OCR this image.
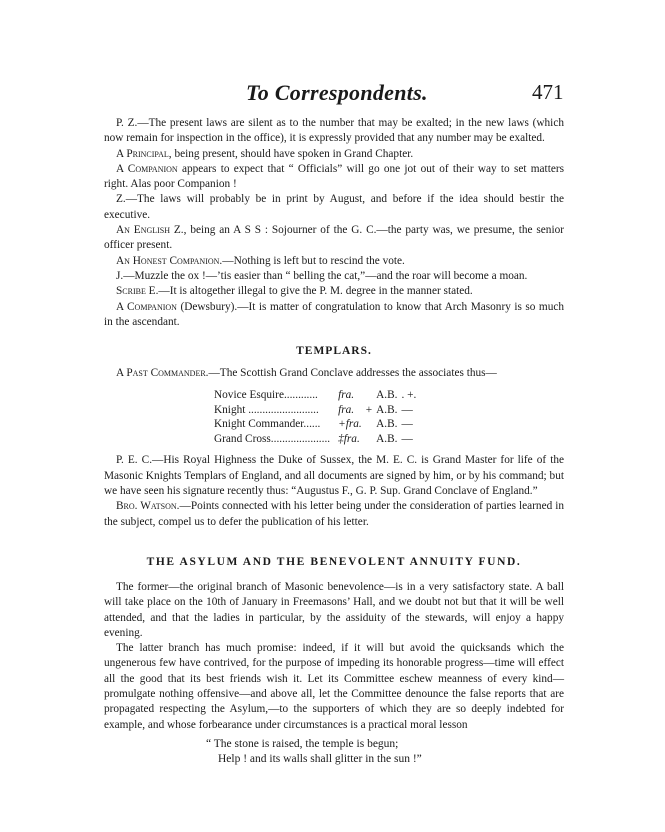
To Correspondents.	471

P. Z.—The present laws are silent as to the number that may be exalted; in the new laws (which now remain for inspection in the office), it is expressly provided that any number may be exalted.

A Principal, being present, should have spoken in Grand Chapter.

A Companion appears to expect that “ Officials” will go one jot out of their way to set matters right. Alas poor Companion !

Z.—The laws will probably be in print by August, and before if the idea should bestir the executive.

An English Z., being an A S S : Sojourner of the G. C.—the party was, we presume, the senior officer present.

An Honest Companion.—Nothing is left but to rescind the vote.

J.—Muzzle the ox !—’tis easier than “ belling the cat,”—and the roar will become a moan.

Scribe E.—It is altogether illegal to give the P. M. degree in the manner stated.

A Companion (Dewsbury).—It is matter of congratulation to know that Arch Masonry is so much in the ascendant.

TEMPLARS.

A Past Commander.—The Scottish Grand Conclave addresses the associates thus—

Novice Esquire............	fra.		A.B.	. +.
Knight .........................	fra.	+	A.B.	—
Knight Commander......	+fra.		A.B.	—
Grand Cross.....................	‡fra.		A.B.	—

P. E. C.—His Royal Highness the Duke of Sussex, the M. E. C. is Grand Master for life of the Masonic Knights Templars of England, and all documents are signed by him, or by his command; but we have seen his signature recently thus: “Augustus F., G. P. Sup. Grand Conclave of England.”

Bro. Watson.—Points connected with his letter being under the consideration of parties learned in the subject, compel us to defer the publication of his letter.

THE ASYLUM AND THE BENEVOLENT ANNUITY FUND.

The former—the original branch of Masonic benevolence—is in a very satisfactory state. A ball will take place on the 10th of January in Freemasons’ Hall, and we doubt not but that it will be well attended, and that the ladies in particular, by the assiduity of the stewards, will enjoy a happy evening.

The latter branch has much promise: indeed, if it will but avoid the quicksands which the ungenerous few have contrived, for the purpose of impeding its honorable progress—time will effect all the good that its best friends wish it. Let its Committee eschew meanness of every kind—promulgate nothing offensive—and above all, let the Committee denounce the false reports that are propagated respecting the Asylum,—to the supporters of which they are so deeply indebted for example, and whose forbearance under circumstances is a practical moral lesson

“ The stone is raised, the temple is begun;
Help ! and its walls shall glitter in the sun !”
